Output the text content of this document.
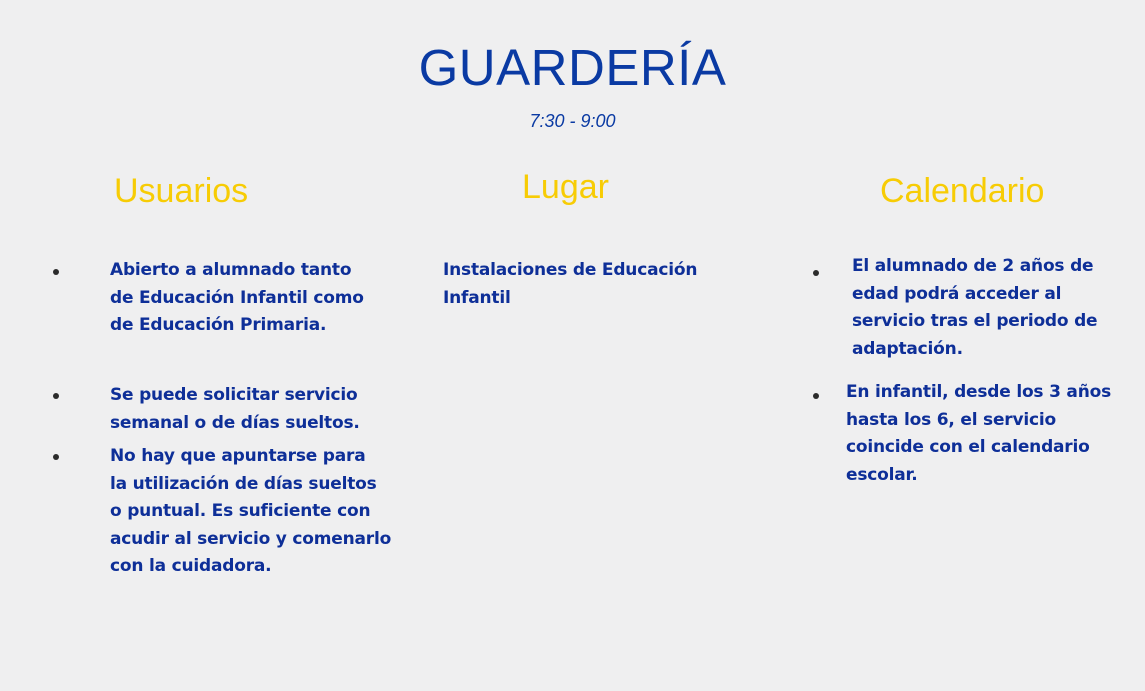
GUARDERÍA
7:30 - 9:00
Usuarios
Abierto a alumnado tanto
de Educación Infantil como
de Educación Primaria.
Se puede solicitar servicio
semanal o de días sueltos.
No hay que apuntarse para
la utilización de días sueltos
o puntual. Es suficiente con
acudir al servicio y comenarlo
con la cuidadora.
Lugar
Instalaciones de Educación
Infantil
Calendario
El alumnado de 2 años de
edad podrá acceder al
servicio tras el periodo de
adaptación.
En infantil, desde los 3 años
hasta los 6, el servicio
coincide con el calendario
escolar.
